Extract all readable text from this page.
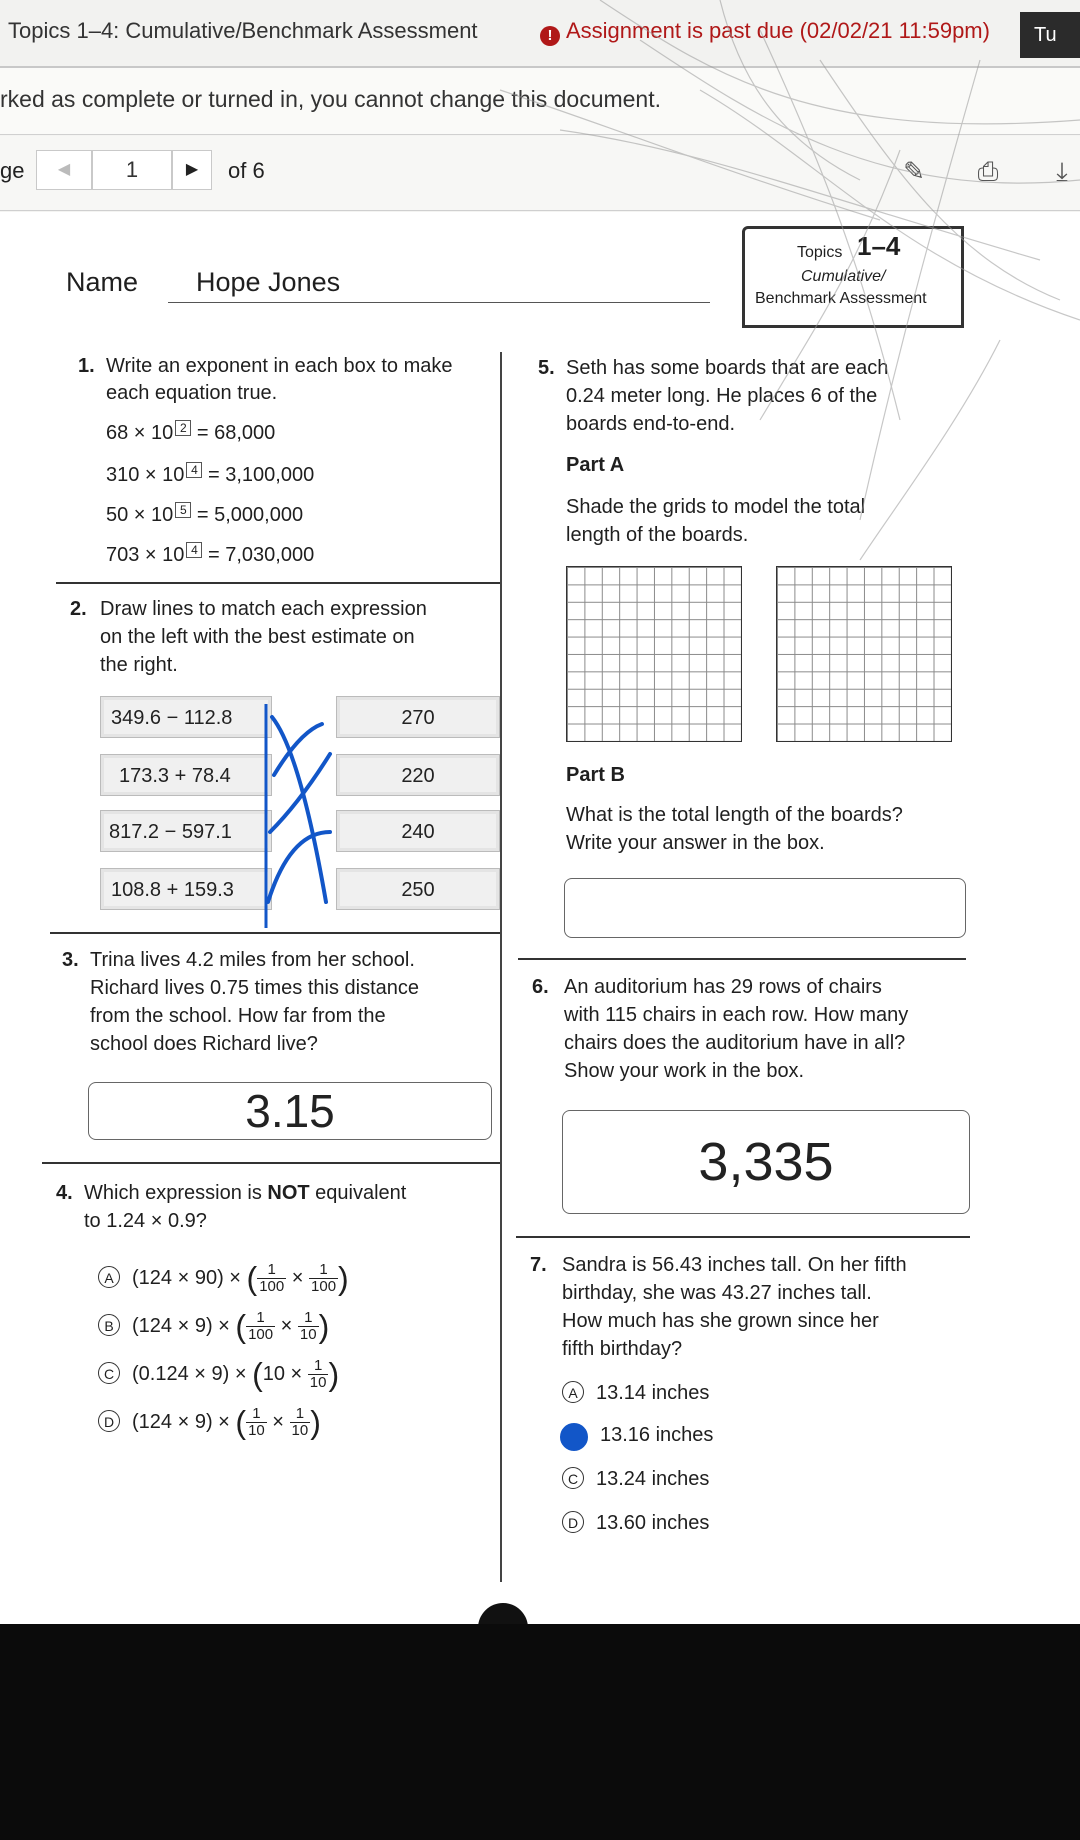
Topics 1–4: Cumulative/Benchmark Assessment	! Assignment is past due (02/02/21 11:59pm)	Tu
rked as complete or turned in, you cannot change this document.
ge	◀	1	▶	of 6	✎ ⎙	⤓
Name Hope Jones
Topics 1–4
Cumulative/
Benchmark Assessment
1. Write an exponent in each box to make
each equation true.
68 × 10 2 = 68,000
310 × 10 4 = 3,100,000
50 × 10 5 = 5,000,000
703 × 10 4 = 7,030,000
2. Draw lines to match each expression
on the left with the best estimate on
the right.
349.6 − 112.8
173.3 + 78.4
817.2 − 597.1
108.8 + 159.3
270
220
240
250
3. Trina lives 4.2 miles from her school.
Richard lives 0.75 times this distance
from the school. How far from the
school does Richard live?
3.15
4. Which expression is NOT equivalent
to 1.24 × 0.9?
A (124 × 90) × ( $\frac{1}{100} \times \frac{1}{100}$ )
B (124 × 9) × ( $\frac{1}{100} \times \frac{1}{10}$ )
C $(0.124 \times 9) \times (10 \times \frac{1}{10}$ )
D (124 × 9) × ( $\frac{1}{10} \times \frac{1}{10}$ )
5. Seth has some boards that are each
0.24 meter long. He places 6 of the
boards end-to-end.
Part A
Shade the grids to model the total
length of the boards.
Part B
What is the total length of the boards?
Write your answer in the box.
6. An auditorium has 29 rows of chairs
with 115 chairs in each row. How many
chairs does the auditorium have in all?
Show your work in the box.
3,335
7. Sandra is 56.43 inches tall. On her fifth
birthday, she was 43.27 inches tall.
How much has she grown since her
fifth birthday?
A 13.14 inches
13.16 inches
C 13.24 inches
D 13.60 inches
